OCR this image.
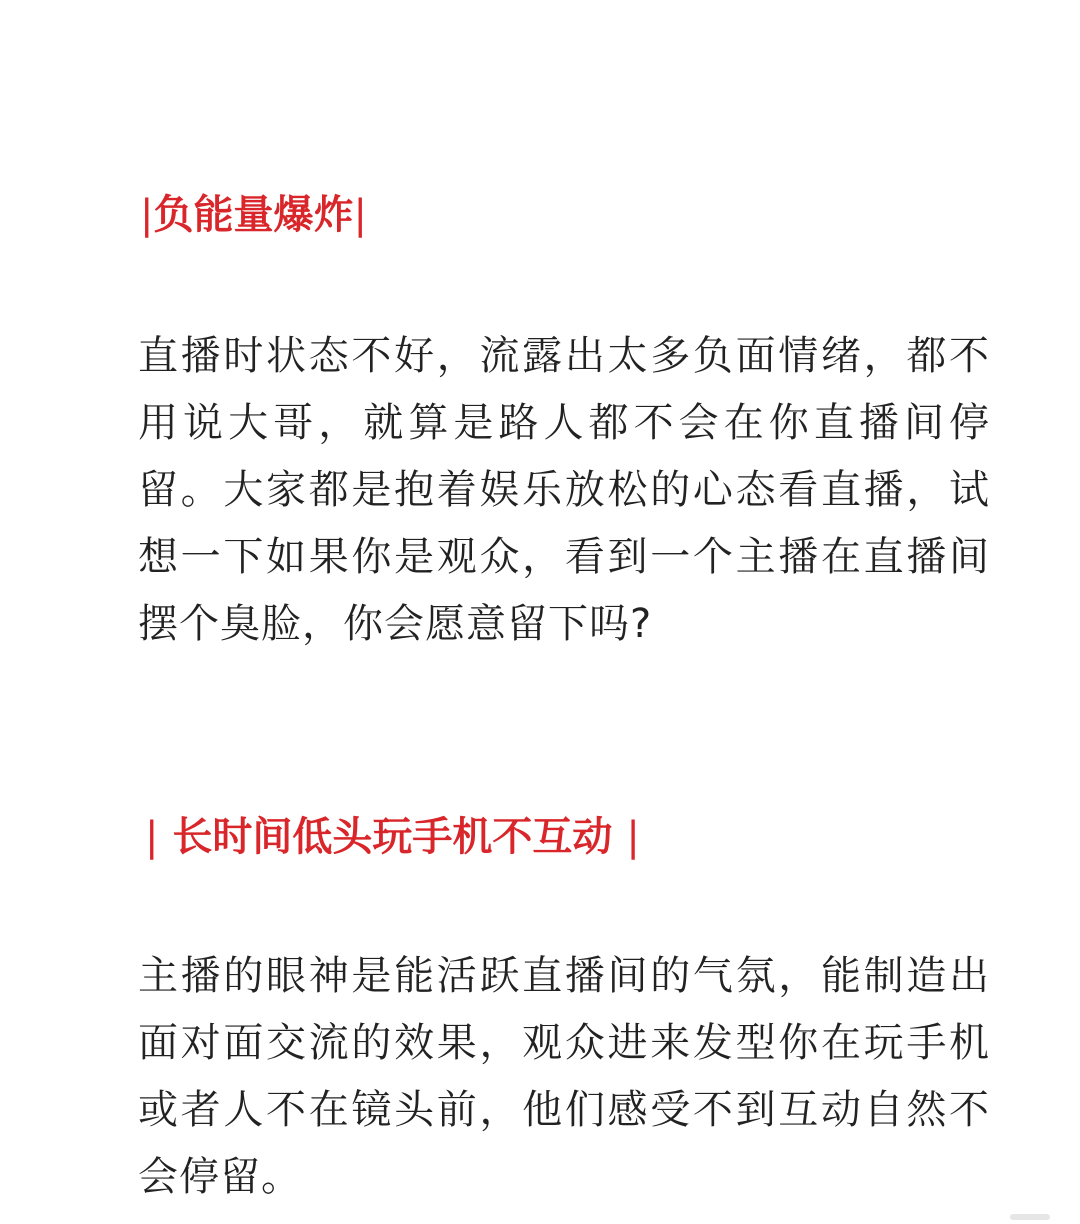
|负能量爆炸|
直播时状态不好，流露出太多负面情绪，都不用说大哥，就算是路人都不会在你直播间停留。大家都是抱着娱乐放松的心态看直播，试想一下如果你是观众，看到一个主播在直播间摆个臭脸，你会愿意留下吗?
| 长时间低头玩手机不互动 |
主播的眼神是能活跃直播间的气氛，能制造出面对面交流的效果，观众进来发型你在玩手机或者人不在镜头前，他们感受不到互动自然不会停留。
